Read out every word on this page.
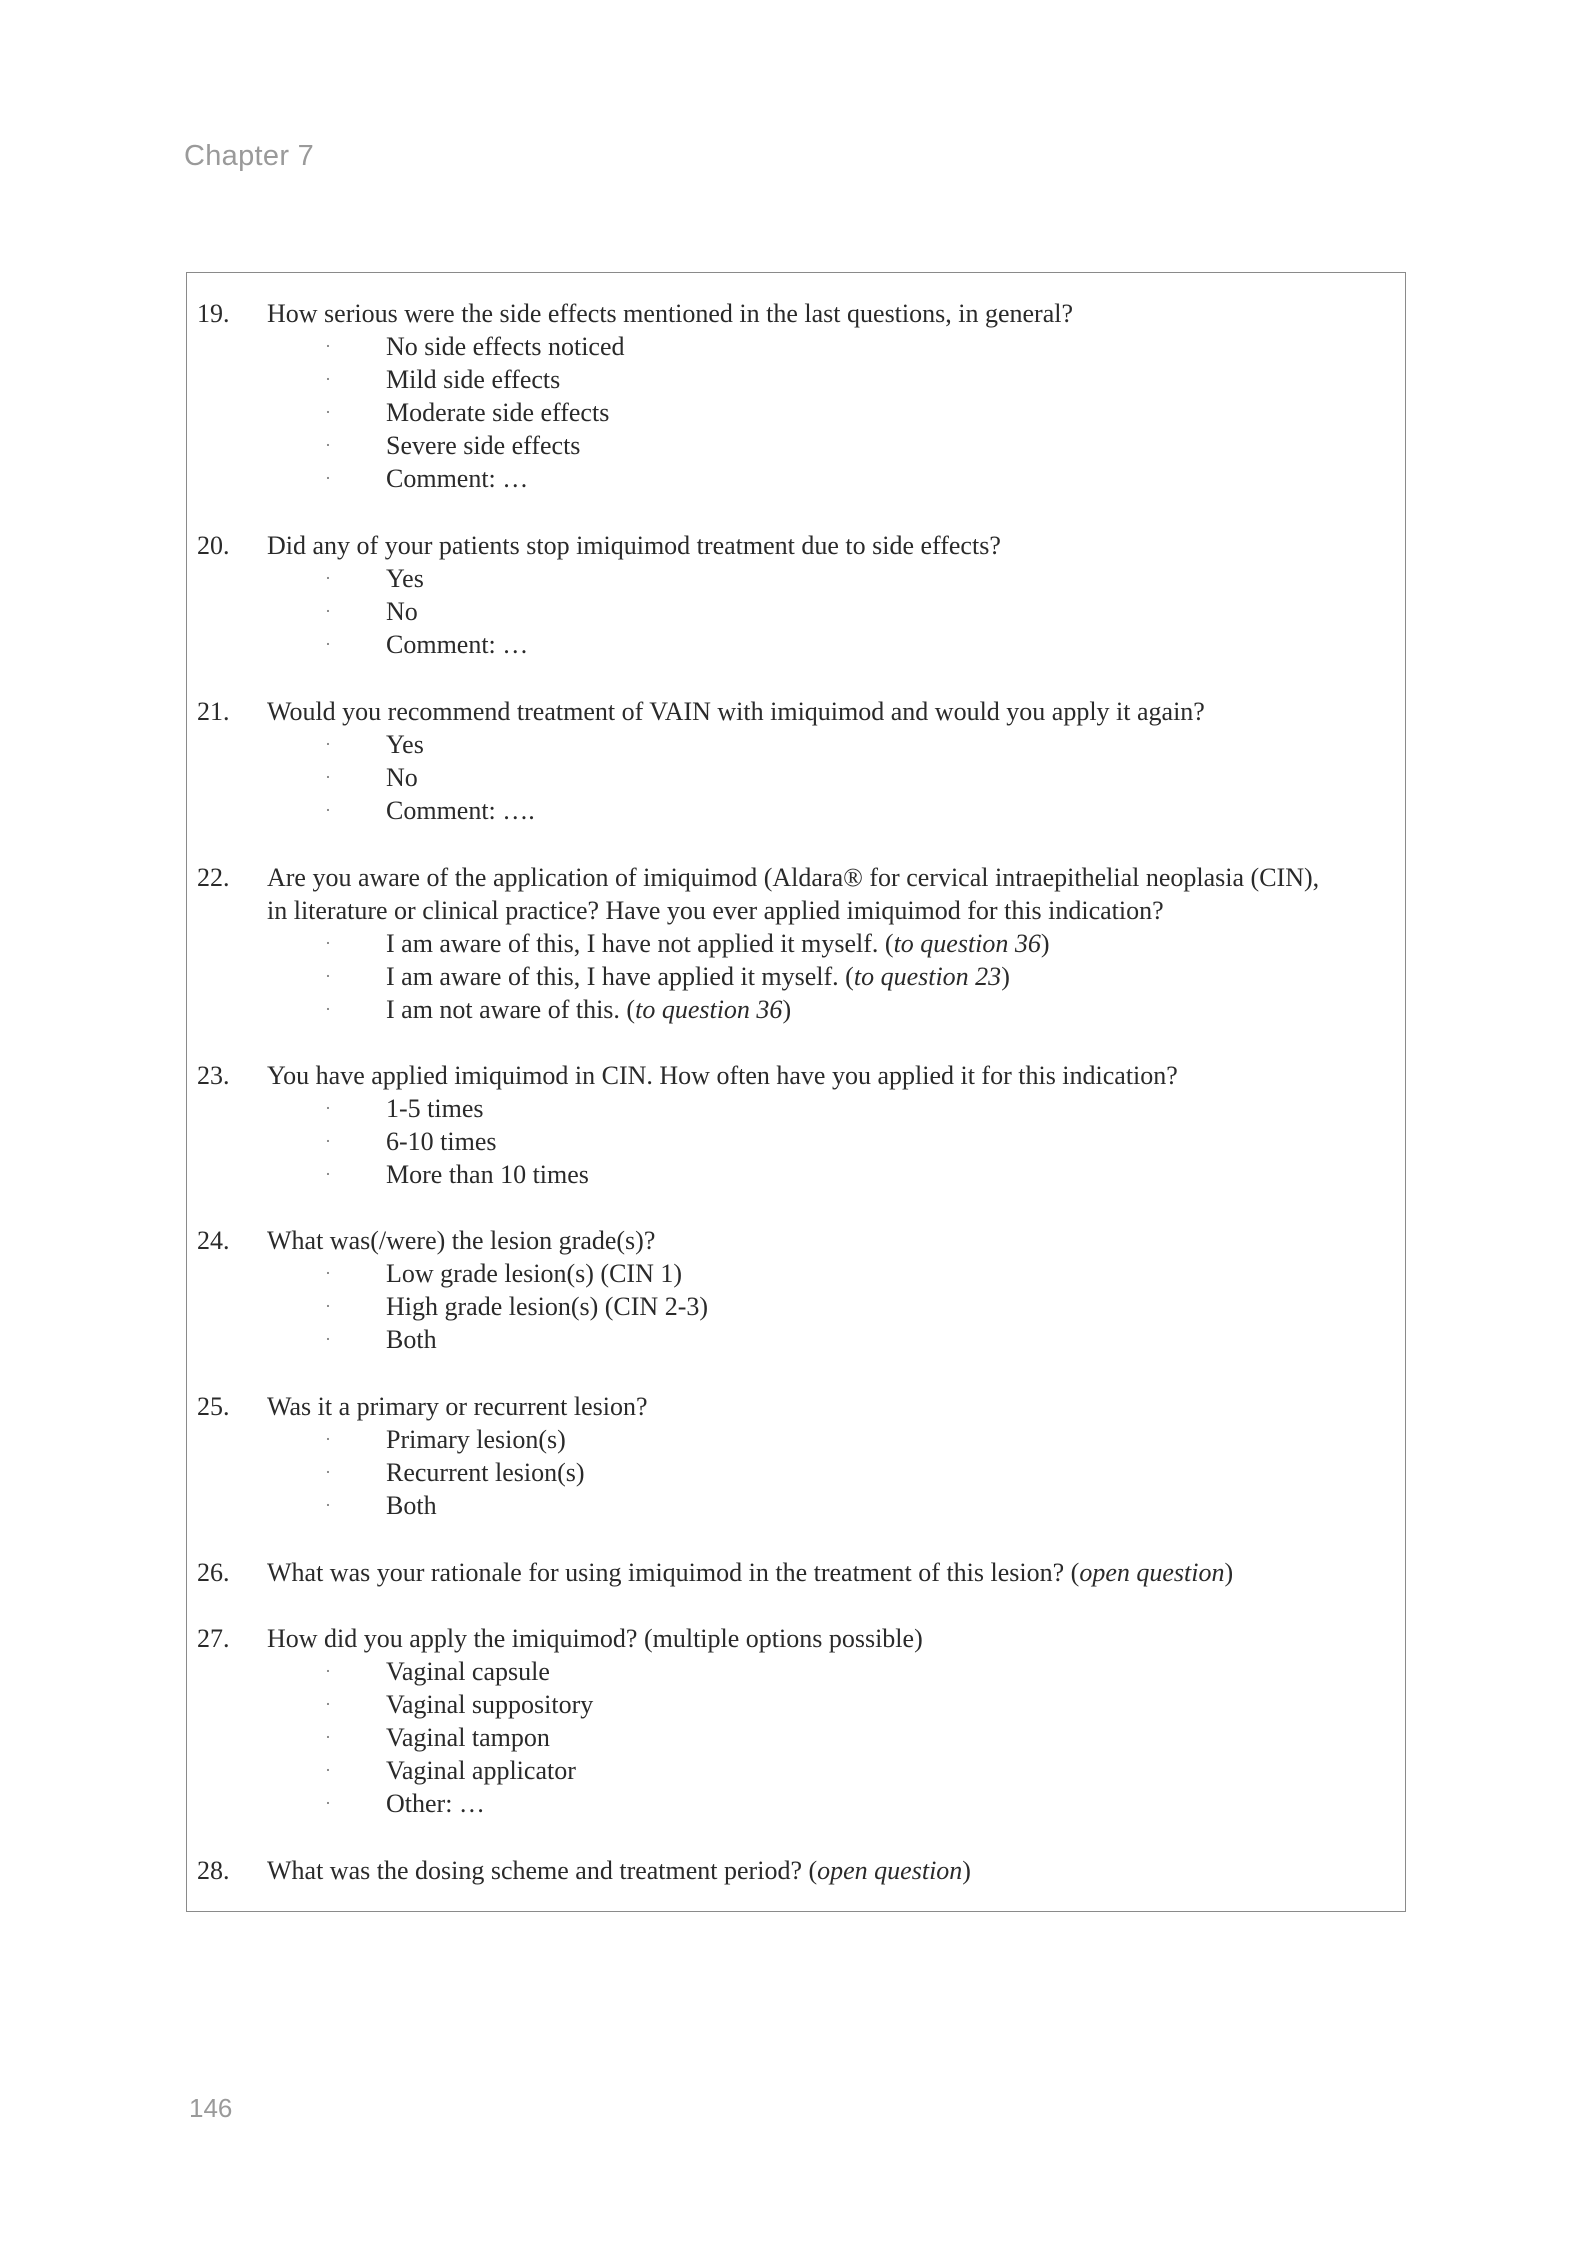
Chapter 7
19.	How serious were the side effects mentioned in the last questions, in general?
· No side effects noticed
· Mild side effects
· Moderate side effects
· Severe side effects
· Comment: …
20.	Did any of your patients stop imiquimod treatment due to side effects?
· Yes
· No
· Comment: …
21.	Would you recommend treatment of VAIN with imiquimod and would you apply it again?
· Yes
· No
· Comment: ….
22.	Are you aware of the application of imiquimod (Aldara® for cervical intraepithelial neoplasia (CIN),
in literature or clinical practice? Have you ever applied imiquimod for this indication?
· I am aware of this, I have not applied it myself. (to question 36)
· I am aware of this, I have applied it myself. (to question 23)
· I am not aware of this. (to question 36)
23.	You have applied imiquimod in CIN. How often have you applied it for this indication?
· 1-5 times
· 6-10 times
· More than 10 times
24.	What was(/were) the lesion grade(s)?
· Low grade lesion(s) (CIN 1)
· High grade lesion(s) (CIN 2-3)
· Both
25.	Was it a primary or recurrent lesion?
· Primary lesion(s)
· Recurrent lesion(s)
· Both
26.	What was your rationale for using imiquimod in the treatment of this lesion? (open question)
27.	How did you apply the imiquimod? (multiple options possible)
· Vaginal capsule
· Vaginal suppository
· Vaginal tampon
· Vaginal applicator
· Other: …
28.	What was the dosing scheme and treatment period? (open question)
146
